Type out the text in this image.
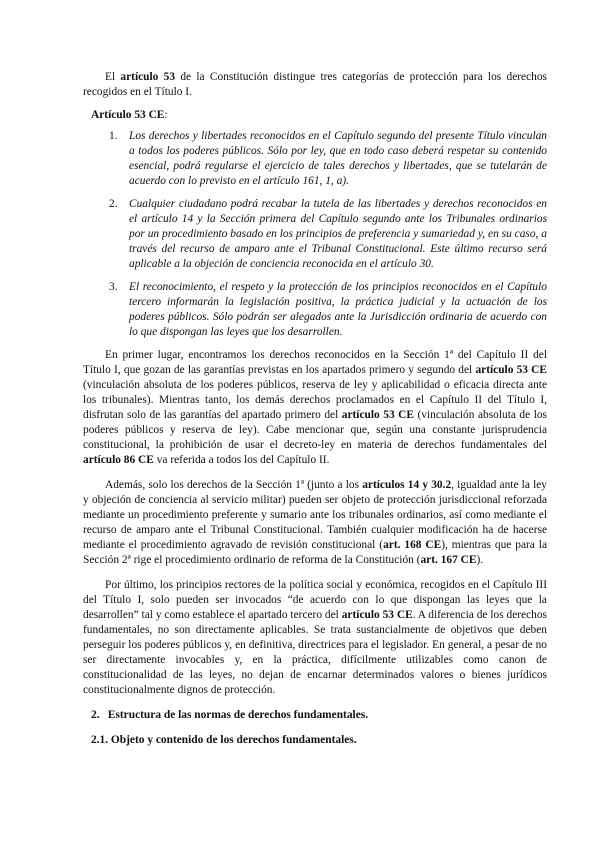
El artículo 53 de la Constitución distingue tres categorías de protección para los derechos recogidos en el Título I.

Artículo 53 CE:

1. Los derechos y libertades reconocidos en el Capítulo segundo del presente Título vinculan a todos los poderes públicos. Sólo por ley, que en todo caso deberá respetar su contenido esencial, podrá regularse el ejercicio de tales derechos y libertades, que se tutelarán de acuerdo con lo previsto en el artículo 161, 1, a).
2. Cualquier ciudadano podrá recabar la tutela de las libertades y derechos reconocidos en el artículo 14 y la Sección primera del Capítulo segundo ante los Tribunales ordinarios por un procedimiento basado en los principios de preferencia y sumariedad y, en su caso, a través del recurso de amparo ante el Tribunal Constitucional. Este último recurso será aplicable a la objeción de conciencia reconocida en el artículo 30.
3. El reconocimiento, el respeto y la protección de los principios reconocidos en el Capítulo tercero informarán la legislación positiva, la práctica judicial y la actuación de los poderes públicos. Sólo podrán ser alegados ante la Jurisdicción ordinaria de acuerdo con lo que dispongan las leyes que los desarrollen.

En primer lugar, encontramos los derechos reconocidos en la Sección 1ª del Capítulo II del Título I, que gozan de las garantías previstas en los apartados primero y segundo del artículo 53 CE (vinculación absoluta de los poderes públicos, reserva de ley y aplicabilidad o eficacia directa ante los tribunales). Mientras tanto, los demás derechos proclamados en el Capítulo II del Título I, disfrutan solo de las garantías del apartado primero del artículo 53 CE (vinculación absoluta de los poderes públicos y reserva de ley). Cabe mencionar que, según una constante jurisprudencia constitucional, la prohibición de usar el decreto-ley en materia de derechos fundamentales del artículo 86 CE va referida a todos los del Capítulo II.

Además, solo los derechos de la Sección 1ª (junto a los artículos 14 y 30.2, igualdad ante la ley y objeción de conciencia al servicio militar) pueden ser objeto de protección jurisdiccional reforzada mediante un procedimiento preferente y sumario ante los tribunales ordinarios, así como mediante el recurso de amparo ante el Tribunal Constitucional. También cualquier modificación ha de hacerse mediante el procedimiento agravado de revisión constitucional (art. 168 CE), mientras que para la Sección 2ª rige el procedimiento ordinario de reforma de la Constitución (art. 167 CE).

Por último, los principios rectores de la política social y económica, recogidos en el Capítulo III del Título I, solo pueden ser invocados “de acuerdo con lo que dispongan las leyes que la desarrollen” tal y como establece el apartado tercero del artículo 53 CE. A diferencia de los derechos fundamentales, no son directamente aplicables. Se trata sustancialmente de objetivos que deben perseguir los poderes públicos y, en definitiva, directrices para el legislador. En general, a pesar de no ser directamente invocables y, en la práctica, difícilmente utilizables como canon de constitucionalidad de las leyes, no dejan de encarnar determinados valores o bienes jurídicos constitucionalmente dignos de protección.

2. Estructura de las normas de derechos fundamentales.

2.1. Objeto y contenido de los derechos fundamentales.
